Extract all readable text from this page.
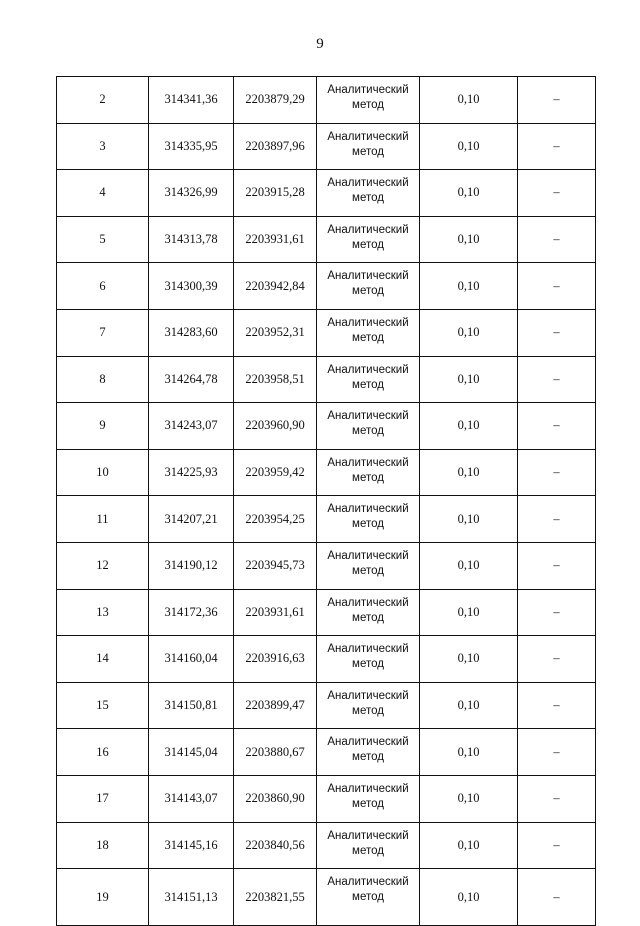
9
2	314341,36	2203879,29	Аналитический
метод	0,10	–
3	314335,95	2203897,96	Аналитический
метод	0,10	–
4	314326,99	2203915,28	Аналитический
метод	0,10	–
5	314313,78	2203931,61	Аналитический
метод	0,10	–
6	314300,39	2203942,84	Аналитический
метод	0,10	–
7	314283,60	2203952,31	Аналитический
метод	0,10	–
8	314264,78	2203958,51	Аналитический
метод	0,10	–
9	314243,07	2203960,90	Аналитический
метод	0,10	–
10	314225,93	2203959,42	Аналитический
метод	0,10	–
11	314207,21	2203954,25	Аналитический
метод	0,10	–
12	314190,12	2203945,73	Аналитический
метод	0,10	–
13	314172,36	2203931,61	Аналитический
метод	0,10	–
14	314160,04	2203916,63	Аналитический
метод	0,10	–
15	314150,81	2203899,47	Аналитический
метод	0,10	–
16	314145,04	2203880,67	Аналитический
метод	0,10	–
17	314143,07	2203860,90	Аналитический
метод	0,10	–
18	314145,16	2203840,56	Аналитический
метод	0,10	–
19	314151,13	2203821,55	Аналитический
метод	0,10	–
